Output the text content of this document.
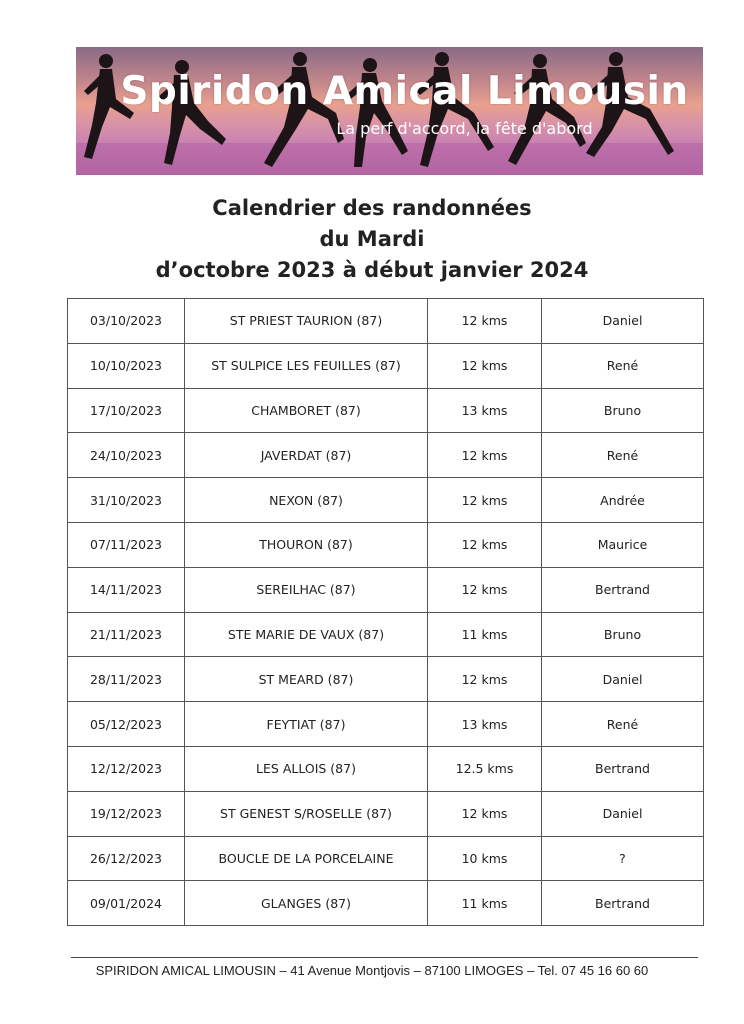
Spiridon Amical Limousin
La perf d'accord, la fête d'abord
Calendrier des randonnées
du Mardi
d’octobre 2023 à début janvier 2024
03/10/2023	ST PRIEST TAURION (87)	12 kms	Daniel
10/10/2023	ST SULPICE LES FEUILLES (87)	12 kms	René
17/10/2023	CHAMBORET (87)	13 kms	Bruno
24/10/2023	JAVERDAT (87)	12 kms	René
31/10/2023	NEXON (87)	12 kms	Andrée
07/11/2023	THOURON (87)	12 kms	Maurice
14/11/2023	SEREILHAC (87)	12 kms	Bertrand
21/11/2023	STE MARIE DE VAUX (87)	11 kms	Bruno
28/11/2023	ST MEARD (87)	12 kms	Daniel
05/12/2023	FEYTIAT (87)	13 kms	René
12/12/2023	LES ALLOIS (87)	12.5 kms	Bertrand
19/12/2023	ST GENEST S/ROSELLE (87)	12 kms	Daniel
26/12/2023	BOUCLE DE LA PORCELAINE	10 kms	?
09/01/2024	GLANGES (87)	11 kms	Bertrand
SPIRIDON AMICAL LIMOUSIN – 41 Avenue Montjovis – 87100 LIMOGES – Tel. 07 45 16 60 60
